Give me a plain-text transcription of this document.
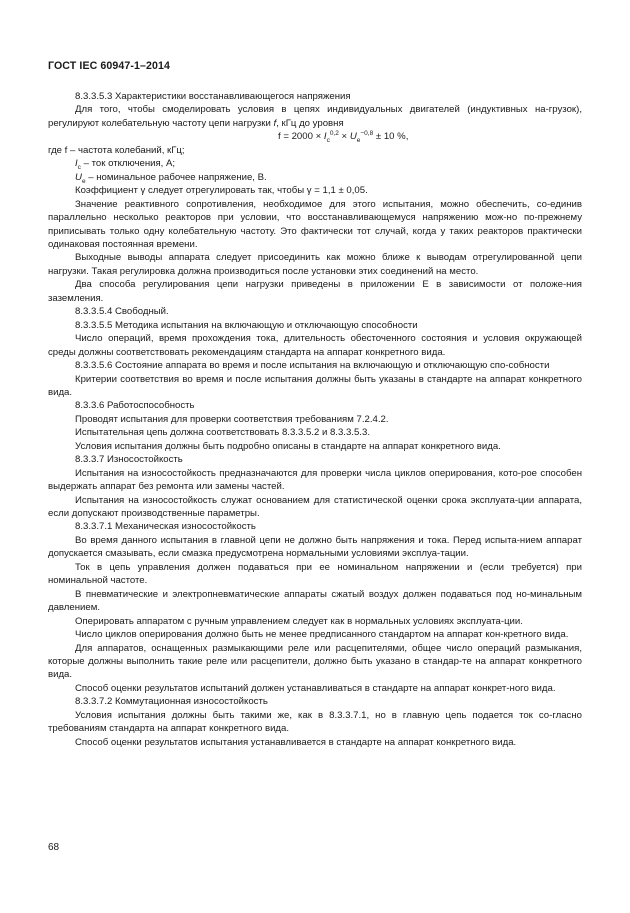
ГОСТ IEC 60947-1–2014

8.3.3.5.3 Характеристики восстанавливающегося напряжения

Для того, чтобы смоделировать условия в цепях индивидуальных двигателей (индуктивных на-грузок), регулируют колебательную частоту цепи нагрузки f, кГц до уровня

$f = 2000 \times I_c^{0,2} \times U_e^{-0,8} \pm 10$ %,

где f – частота колебаний, кГц;

$I_c$ – ток отключения, А;

$U_e$ – номинальное рабочее напряжение, В.

Коэффициент γ следует отрегулировать так, чтобы γ = 1,1 ± 0,05.

Значение реактивного сопротивления, необходимое для этого испытания, можно обеспечить, со-единив параллельно несколько реакторов при условии, что восстанавливающемуся напряжению мож-но по-прежнему приписывать только одну колебательную частоту. Это фактически тот случай, когда у таких реакторов практически одинаковая постоянная времени.

Выходные выводы аппарата следует присоединить как можно ближе к выводам отрегулированной цепи нагрузки. Такая регулировка должна производиться после установки этих соединений на место.

Два способа регулирования цепи нагрузки приведены в приложении Е в зависимости от положе-ния заземления.

8.3.3.5.4 Свободный.

8.3.3.5.5 Методика испытания на включающую и отключающую способности

Число операций, время прохождения тока, длительность обесточенного состояния и условия окружающей среды должны соответствовать рекомендациям стандарта на аппарат конкретного вида.

8.3.3.5.6 Состояние аппарата во время и после испытания на включающую и отключающую спо-собности

Критерии соответствия во время и после испытания должны быть указаны в стандарте на аппарат конкретного вида.

8.3.3.6 Работоспособность

Проводят испытания для проверки соответствия требованиям 7.2.4.2.

Испытательная цепь должна соответствовать 8.3.3.5.2 и 8.3.3.5.3.

Условия испытания должны быть подробно описаны в стандарте на аппарат конкретного вида.

8.3.3.7 Износостойкость

Испытания на износостойкость предназначаются для проверки числа циклов оперирования, кото-рое способен выдержать аппарат без ремонта или замены частей.

Испытания на износостойкость служат основанием для статистической оценки срока эксплуата-ции аппарата, если допускают производственные параметры.

8.3.3.7.1 Механическая износостойкость

Во время данного испытания в главной цепи не должно быть напряжения и тока. Перед испыта-нием аппарат допускается смазывать, если смазка предусмотрена нормальными условиями эксплуа-тации.

Ток в цепь управления должен подаваться при ее номинальном напряжении и (если требуется) при номинальной частоте.

В пневматические и электропневматические аппараты сжатый воздух должен подаваться под но-минальным давлением.

Оперировать аппаратом с ручным управлением следует как в нормальных условиях эксплуата-ции.

Число циклов оперирования должно быть не менее предписанного стандартом на аппарат кон-кретного вида.

Для аппаратов, оснащенных размыкающими реле или расцепителями, общее число операций размыкания, которые должны выполнить такие реле или расцепители, должно быть указано в стандар-те на аппарат конкретного вида.

Способ оценки результатов испытаний должен устанавливаться в стандарте на аппарат конкрет-ного вида.

8.3.3.7.2 Коммутационная износостойкость

Условия испытания должны быть такими же, как в 8.3.3.7.1, но в главную цепь подается ток со-гласно требованиям стандарта на аппарат конкретного вида.

Способ оценки результатов испытания устанавливается в стандарте на аппарат конкретного вида.

68
